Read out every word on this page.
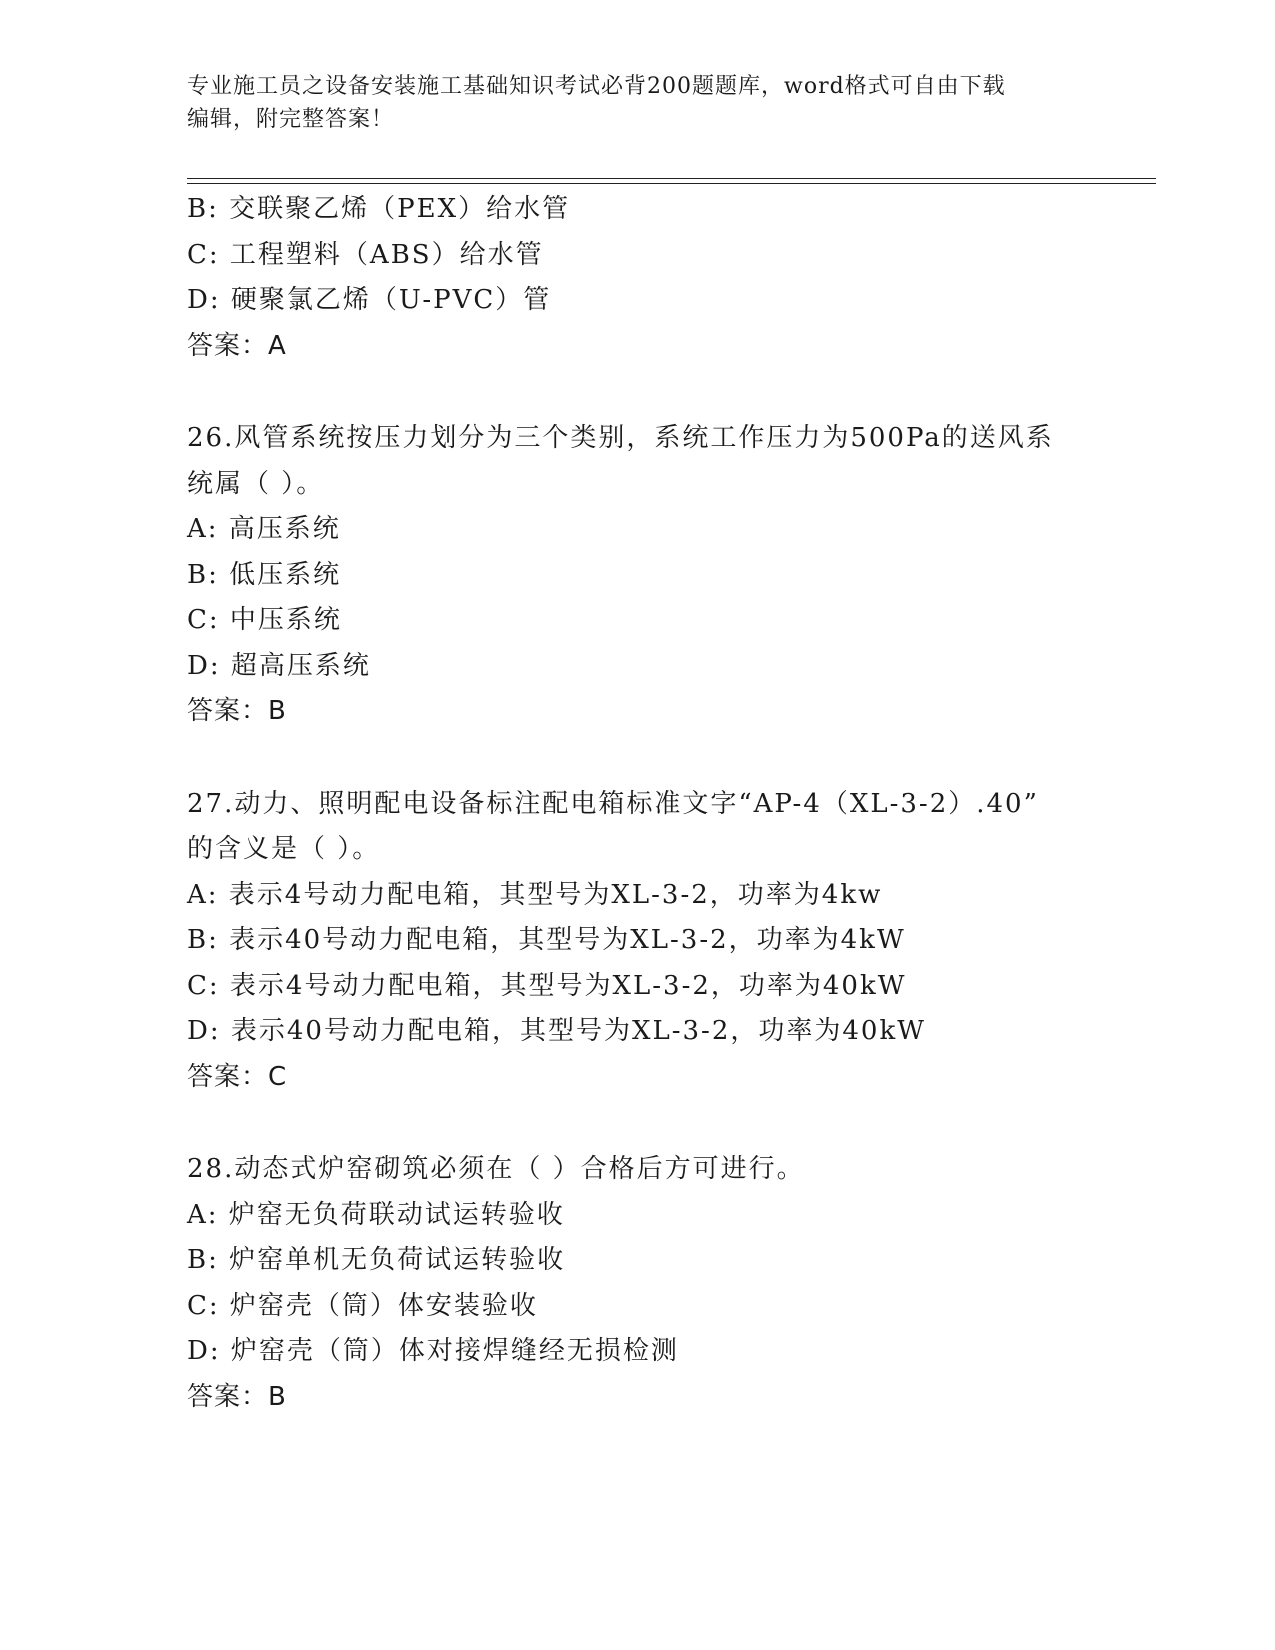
专业施工员之设备安装施工基础知识考试必背200题题库，word格式可自由下载
编辑，附完整答案！
B: 交联聚乙烯（PEX）给水管
C: 工程塑料（ABS）给水管
D: 硬聚氯乙烯（U-PVC）管
答案：A
26.风管系统按压力划分为三个类别，系统工作压力为500Pa的送风系
统属（ ）。
A: 高压系统
B: 低压系统
C: 中压系统
D: 超高压系统
答案：B
27.动力、照明配电设备标注配电箱标准文字“AP-4（XL-3-2）.40”
的含义是（ ）。
A: 表示4号动力配电箱，其型号为XL-3-2，功率为4kw
B: 表示40号动力配电箱，其型号为XL-3-2，功率为4kW
C: 表示4号动力配电箱，其型号为XL-3-2，功率为40kW
D: 表示40号动力配电箱，其型号为XL-3-2，功率为40kW
答案：C
28.动态式炉窑砌筑必须在（ ）合格后方可进行。
A: 炉窑无负荷联动试运转验收
B: 炉窑单机无负荷试运转验收
C: 炉窑壳（筒）体安装验收
D: 炉窑壳（筒）体对接焊缝经无损检测
答案：B
